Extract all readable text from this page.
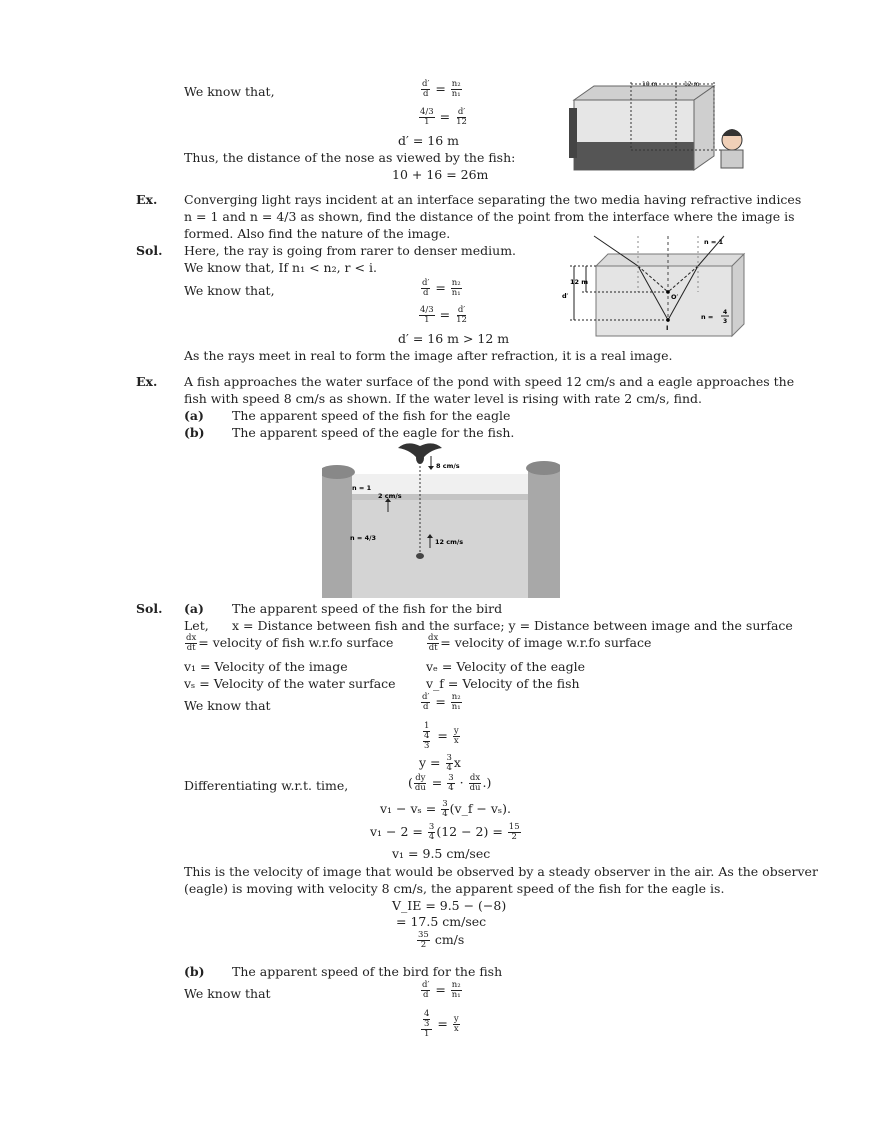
We know that,	$\frac{d'}{d} = \frac{\text{n₂}}{\text{n₁}}$
$\frac{4/3}{1} = \frac{d'}{12}$
d′ = 16 m
Thus, the distance of the nose as viewed by the fish:
10 + 16 = 26m
10 m	12 m
Ex. Converging light rays incident at an interface separating the two media having refractive indices
n = 1 and n = 4/3 as shown, find the distance of the point from the interface where the image is
formed. Also find the nature of the image.
Sol. Here, the ray is going from rarer to denser medium.
We know that, If n₁ < n₂, r < i.
We know that,	$\frac{d'}{d} = \frac{\text{n₂}}{\text{n₁}}$
$\frac{4/3}{1} = \frac{d'}{12}$
d′ = 16 m > 12 m
As the rays meet in real to form the image after refraction, it is a real image.
n = 1
12 m
d′	O′
I
n =
4
3
Ex. A fish approaches the water surface of the pond with speed 12 cm/s and a eagle approaches the
fish with speed 8 cm/s as shown. If the water level is rising with rate 2 cm/s, find.
(a) The apparent speed of the fish for the eagle
(b) The apparent speed of the eagle for the fish.
8 cm/s
n = 1
2 cm/s
n = 4/3	12 cm/s
Sol. (a) The apparent speed of the fish for the bird
Let, x = Distance between fish and the surface; y = Distance between image and the surface
$\frac{dx}{dt}$ = velocity of fish w.r.fo surface	$\frac{dx}{dt}$ = velocity of image w.r.fo surface
v₁ = Velocity of the image	vₑ = Velocity of the eagle
vₛ = Velocity of the water surface v_f = Velocity of the fish
We know that	$\frac{d'}{d} = \frac{\text{n₂}}{\text{n₁}}$
$\frac{1}{\frac{4}{3}} = \frac{y}{x}$
$y = \frac{3}{4}$ x
Differentiating w.r.t. time,	( $\frac{dy}{du} = \frac{3}{4} \cdot \frac{dx}{du}$ .)
$v_1 - v_s = \frac{3}{4}$ (v_f − vₛ).
$v_1 - 2 = \frac{3}{4} (12 - 2) = \frac{15}{2}$
v₁ = 9.5 cm/sec
This is the velocity of image that would be observed by a steady observer in the air. As the observer
(eagle) is moving with velocity 8 cm/s, the apparent speed of the fish for the eagle is.
V_IE = 9.5 − (−8)
= 17.5 cm/sec
$\frac{35}{2} cm/s$
(b) The apparent speed of the bird for the fish
We know that	$\frac{d'}{d} = \frac{\text{n₂}}{\text{n₁}}$
$\frac{\frac{4}{3}}{1} = \frac{y}{x}$
